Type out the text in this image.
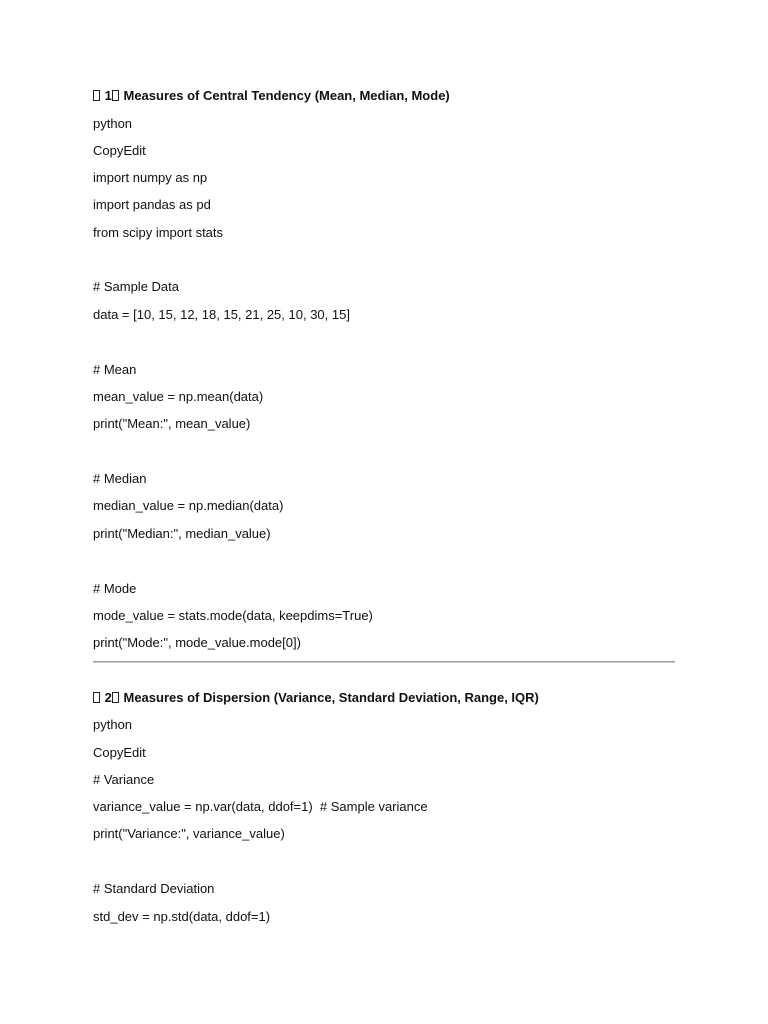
1 Measures of Central Tendency (Mean, Median, Mode)
python
CopyEdit
import numpy as np
import pandas as pd
from scipy import stats
# Sample Data
data = [10, 15, 12, 18, 15, 21, 25, 10, 30, 15]
# Mean
mean_value = np.mean(data)
print("Mean:", mean_value)
# Median
median_value = np.median(data)
print("Median:", median_value)
# Mode
mode_value = stats.mode(data, keepdims=True)
print("Mode:", mode_value.mode[0])
2 Measures of Dispersion (Variance, Standard Deviation, Range, IQR)
python
CopyEdit
# Variance
variance_value = np.var(data, ddof=1)  # Sample variance
print("Variance:", variance_value)
# Standard Deviation
std_dev = np.std(data, ddof=1)
